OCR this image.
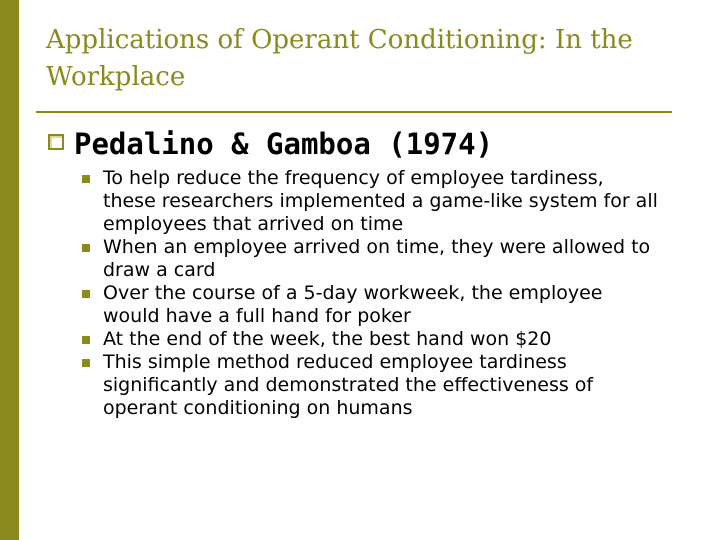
Applications of Operant Conditioning: In the Workplace
Pedalino & Gamboa (1974)
To help reduce the frequency of employee tardiness, these researchers implemented a game-like system for all employees that arrived on time
When an employee arrived on time, they were allowed to draw a card
Over the course of a 5-day workweek, the employee would have a full hand for poker
At the end of the week, the best hand won $20
This simple method reduced employee tardiness significantly and demonstrated the effectiveness of operant conditioning on humans
